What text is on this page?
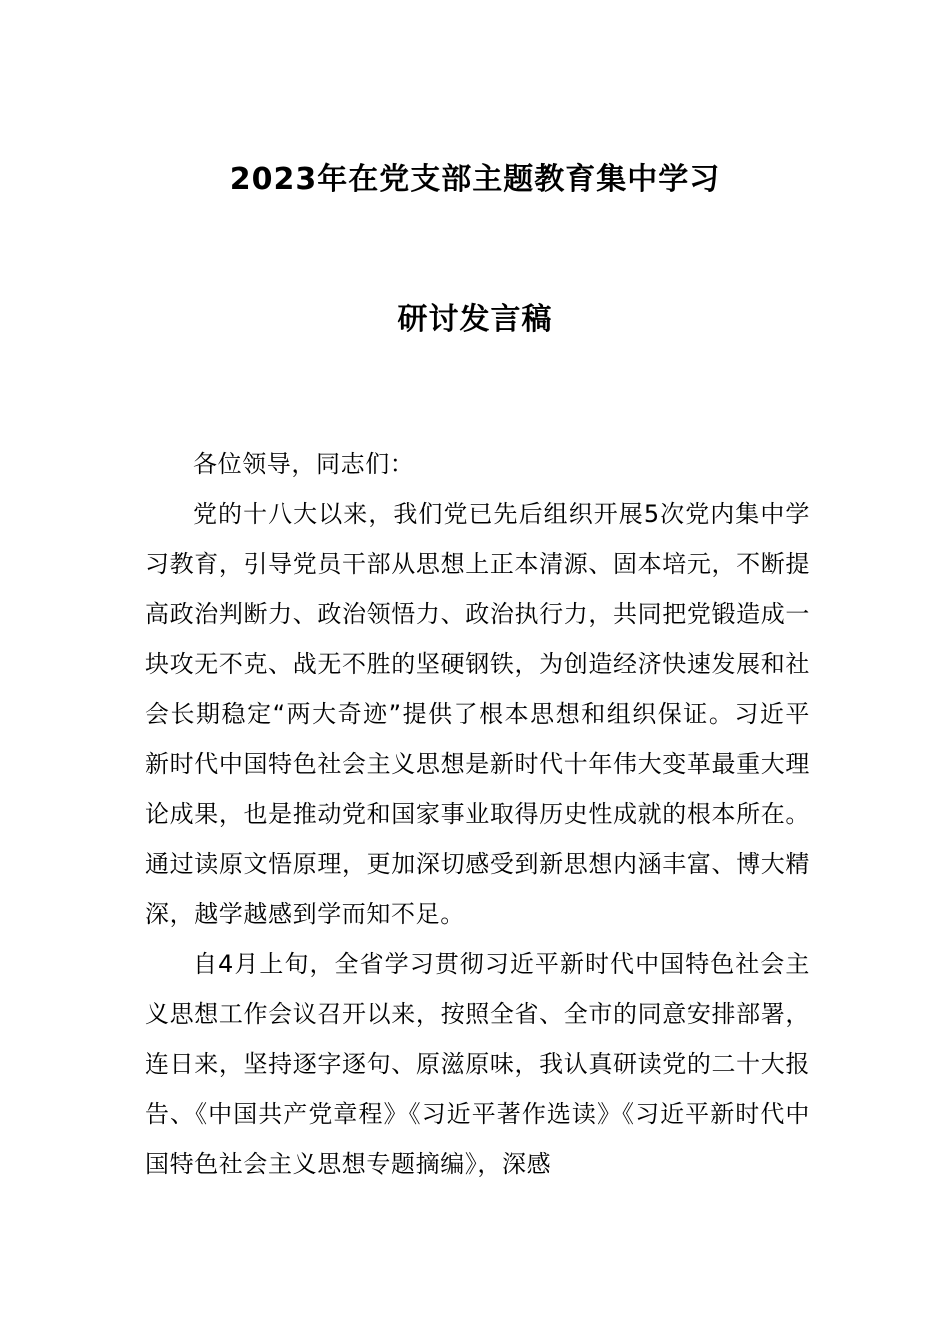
2023年在党支部主题教育集中学习
研讨发言稿

各位领导，同志们：

党的十八大以来，我们党已先后组织开展5次党内集中学习教育，引导党员干部从思想上正本清源、固本培元，不断提高政治判断力、政治领悟力、政治执行力，共同把党锻造成一块攻无不克、战无不胜的坚硬钢铁，为创造经济快速发展和社会长期稳定“两大奇迹”提供了根本思想和组织保证。习近平新时代中国特色社会主义思想是新时代十年伟大变革最重大理论成果，也是推动党和国家事业取得历史性成就的根本所在。通过读原文悟原理，更加深切感受到新思想内涵丰富、博大精深，越学越感到学而知不足。

自4月上旬，全省学习贯彻习近平新时代中国特色社会主义思想工作会议召开以来，按照全省、全市的同意安排部署，连日来，坚持逐字逐句、原滋原味，我认真研读党的二十大报告、《中国共产党章程》《习近平著作选读》《习近平新时代中国特色社会主义思想专题摘编》，深感
